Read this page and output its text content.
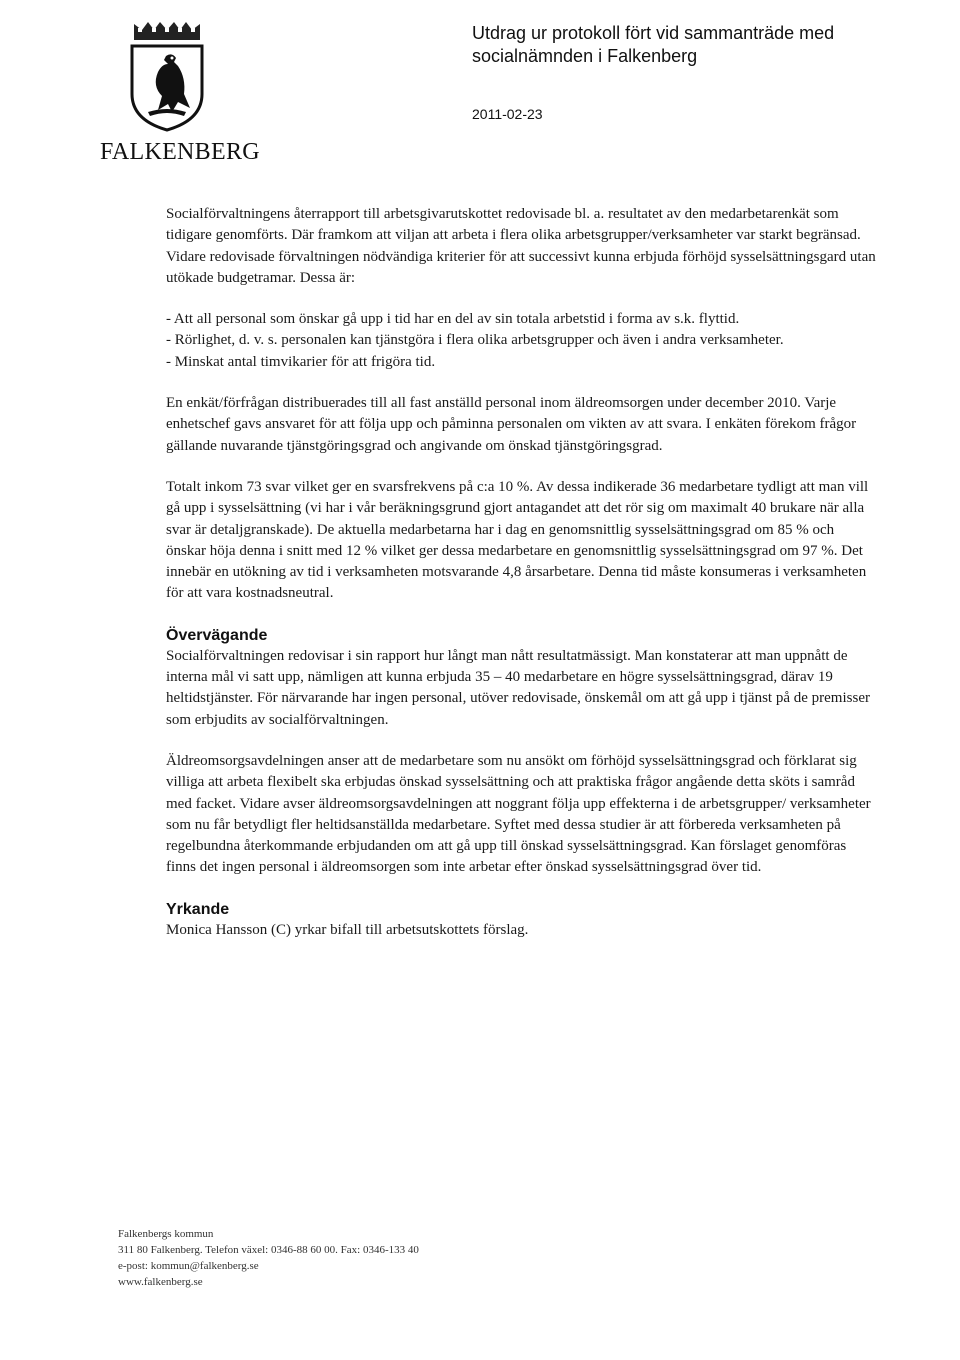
FALKENBERG
Utdrag ur protokoll fört vid sammanträde med
socialnämnden i Falkenberg
2011-02-23

Socialförvaltningens återrapport till arbetsgivarutskottet redovisade bl. a. resultatet av den medarbetarenkät som tidigare genomförts. Där framkom att viljan att arbeta i flera olika arbetsgrupper/verksamheter var starkt begränsad. Vidare redovisade förvaltningen nödvändiga kriterier för att successivt kunna erbjuda förhöjd sysselsättningsgard utan utökade budgetramar. Dessa är:

- Att all personal som önskar gå upp i tid har en del av sin totala arbetstid i forma av s.k. flyttid.
- Rörlighet, d. v. s. personalen kan tjänstgöra i flera olika arbetsgrupper och även i andra verksamheter.
- Minskat antal timvikarier för att frigöra tid.

En enkät/förfrågan distribuerades till all fast anställd personal inom äldreomsorgen under december 2010. Varje enhetschef gavs ansvaret för att följa upp och påminna personalen om vikten av att svara. I enkäten förekom frågor gällande nuvarande tjänstgöringsgrad och angivande om önskad tjänstgöringsgrad.

Totalt inkom 73 svar vilket ger en svarsfrekvens på c:a 10 %. Av dessa indikerade 36 medarbetare tydligt att man vill gå upp i sysselsättning (vi har i vår beräkningsgrund gjort antagandet att det rör sig om maximalt 40 brukare när alla svar är detaljgranskade). De aktuella medarbetarna har i dag en genomsnittlig sysselsättningsgrad om 85 % och önskar höja denna i snitt med 12 % vilket ger dessa medarbetare en genomsnittlig sysselsättningsgrad om 97 %. Det innebär en utökning av tid i verksamheten motsvarande 4,8 årsarbetare. Denna tid måste konsumeras i verksamheten för att vara kostnadsneutral.

Övervägande

Socialförvaltningen redovisar i sin rapport hur långt man nått resultatmässigt. Man konstaterar att man uppnått de interna mål vi satt upp, nämligen att kunna erbjuda 35 – 40 medarbetare en högre sysselsättningsgrad, därav 19 heltidstjänster. För närvarande har ingen personal, utöver redovisade, önskemål om att gå upp i tjänst på de premisser som erbjudits av socialförvaltningen.

Äldreomsorgsavdelningen anser att de medarbetare som nu ansökt om förhöjd sysselsättningsgrad och förklarat sig villiga att arbeta flexibelt ska erbjudas önskad sysselsättning och att praktiska frågor angående detta sköts i samråd med facket. Vidare avser äldreomsorgsavdelningen att noggrant följa upp effekterna i de arbetsgrupper/ verksamheter som nu får betydligt fler heltidsanställda medarbetare. Syftet med dessa studier är att förbereda verksamheten på regelbundna återkommande erbjudanden om att gå upp till önskad sysselsättningsgrad. Kan förslaget genomföras finns det ingen personal i äldreomsorgen som inte arbetar efter önskad sysselsättningsgrad över tid.

Yrkande

Monica Hansson (C) yrkar bifall till arbetsutskottets förslag.

Falkenbergs kommun
311 80 Falkenberg. Telefon växel: 0346-88 60 00. Fax: 0346-133 40
e-post: kommun@falkenberg.se
www.falkenberg.se
